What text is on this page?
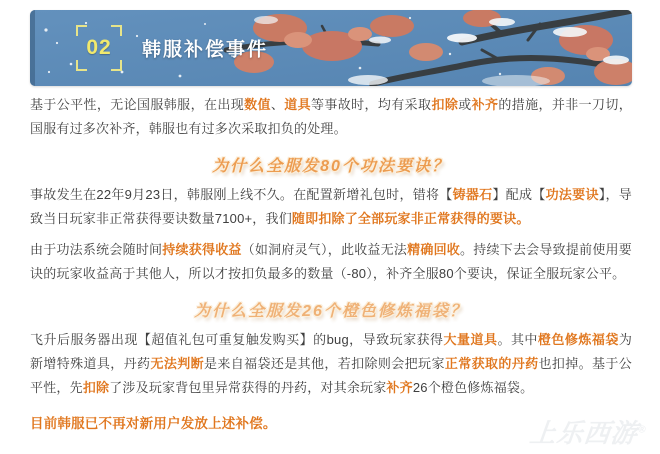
02 韩服补偿事件

基于公平性，无论国服韩服，在出现数值、道具等事故时，均有采取扣除或补齐的措施，并非一刀切，国服有过多次补齐，韩服也有过多次采取扣负的处理。

为什么全服发80个功法要诀？

事故发生在22年9月23日，韩服刚上线不久。在配置新增礼包时，错将【铸器石】配成【功法要诀】，导致当日玩家非正常获得要诀数量7100+，我们随即扣除了全部玩家非正常获得的要诀。

由于功法系统会随时间持续获得收益（如洞府灵气），此收益无法精确回收。持续下去会导致提前使用要诀的玩家收益高于其他人，所以才按扣负最多的数量（-80），补齐全服80个要诀，保证全服玩家公平。

为什么全服发26个橙色修炼福袋？

飞升后服务器出现【超值礼包可重复触发购买】的bug，导致玩家获得大量道具。其中橙色修炼福袋为新增特殊道具，丹药无法判断是来自福袋还是其他，若扣除则会把玩家正常获取的丹药也扣掉。基于公平性，先扣除了涉及玩家背包里异常获得的丹药，对其余玩家补齐26个橙色修炼福袋。

目前韩服已不再对新用户发放上述补偿。	上乐西游®
